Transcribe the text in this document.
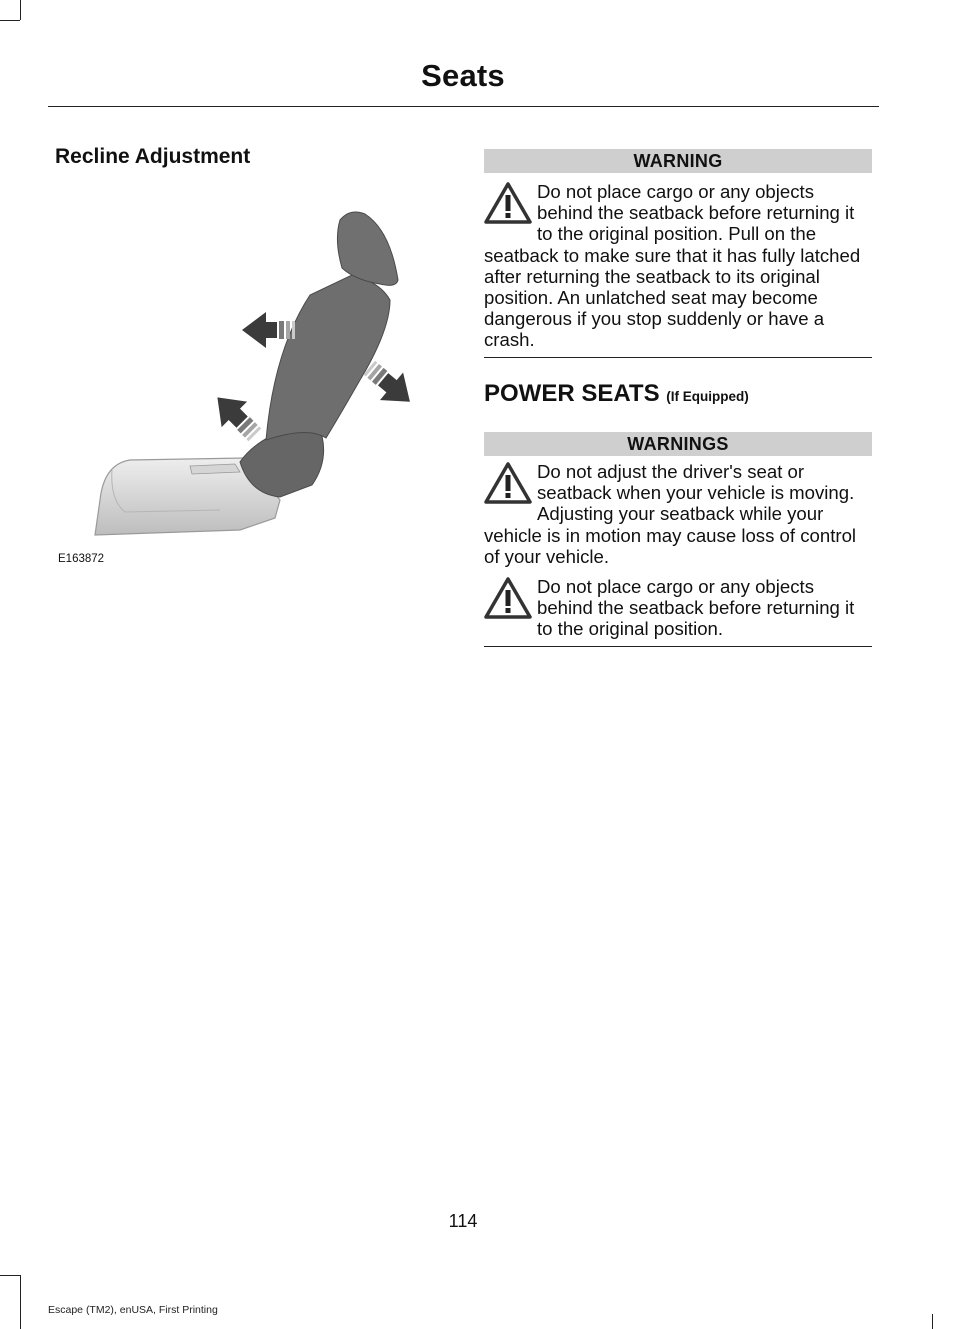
Seats
Recline Adjustment
E163872
WARNING
Do not place cargo or any objects behind the seatback before returning it to the original position. Pull on the seatback to make sure that it has fully latched after returning the seatback to its original position. An unlatched seat may become dangerous if you stop suddenly or have a crash.
POWER SEATS (If Equipped)
WARNINGS
Do not adjust the driver's seat or seatback when your vehicle is moving. Adjusting your seatback while your vehicle is in motion may cause loss of control of your vehicle.
Do not place cargo or any objects behind the seatback before returning it to the original position.
114
Escape (TM2), enUSA, First Printing
